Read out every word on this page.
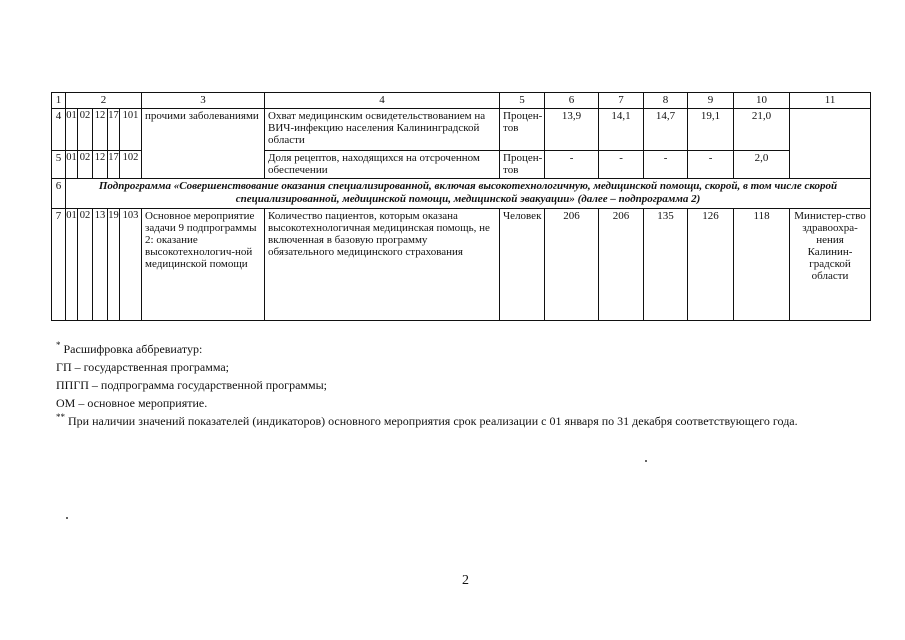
1	2					3	4	5	6	7	8	9	10	11
4	01	02	12	17	101	прочими заболеваниями	Охват медицинским освидетельствованием на ВИЧ-инфекцию населения Калининградской области	Процен-тов	13,9	14,1	14,7	19,1	21,0	
5	01	02	12	17	102		Доля рецептов, находящихся на отсроченном обеспечении	Процен-тов	-	-	-	-	2,0	
6	Подпрограмма «Совершенствование оказания специализированной, включая высокотехнологичную, медицинской помощи, скорой, в том числе скорой специализированной, медицинской помощи, медицинской эвакуации» (далее – подпрограмма 2)													
7	01	02	13	19	103	Основное мероприятие задачи 9 подпрограммы 2: оказание высокотехнологич-ной медицинской помощи	Количество пациентов, которым оказана высокотехнологичная медицинская помощь, не включенная в базовую программу обязательного медицинского страхования	Человек	206	206	135	126	118	Министер-ство здравоохра-нения Калинин-градской области
* Расшифровка аббревиатур:
ГП – государственная программа;
ППГП – подпрограмма государственной программы;
ОМ – основное мероприятие.
** При наличии значений показателей (индикаторов) основного мероприятия срок реализации с 01 января по 31 декабря соответствующего года.
2
